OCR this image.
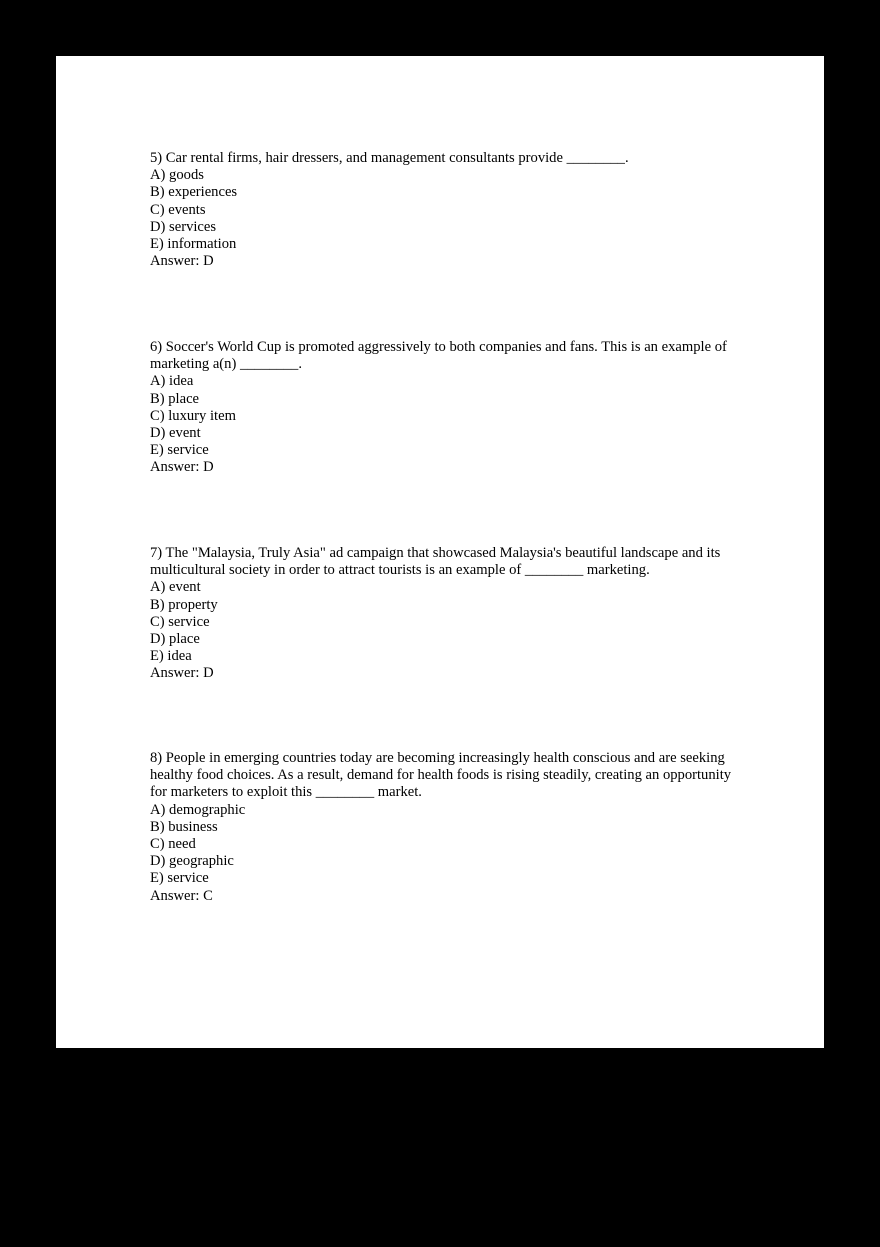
5) Car rental firms, hair dressers, and management consultants provide ________.
A) goods
B) experiences
C) events
D) services
E) information
Answer: D
6) Soccer's World Cup is promoted aggressively to both companies and fans. This is an example of marketing a(n) ________.
A) idea
B) place
C) luxury item
D) event
E) service
Answer: D
7) The "Malaysia, Truly Asia" ad campaign that showcased Malaysia's beautiful landscape and its multicultural society in order to attract tourists is an example of ________ marketing.
A) event
B) property
C) service
D) place
E) idea
Answer: D
8) People in emerging countries today are becoming increasingly health conscious and are seeking healthy food choices. As a result, demand for health foods is rising steadily, creating an opportunity for marketers to exploit this ________ market.
A) demographic
B) business
C) need
D) geographic
E) service
Answer: C
